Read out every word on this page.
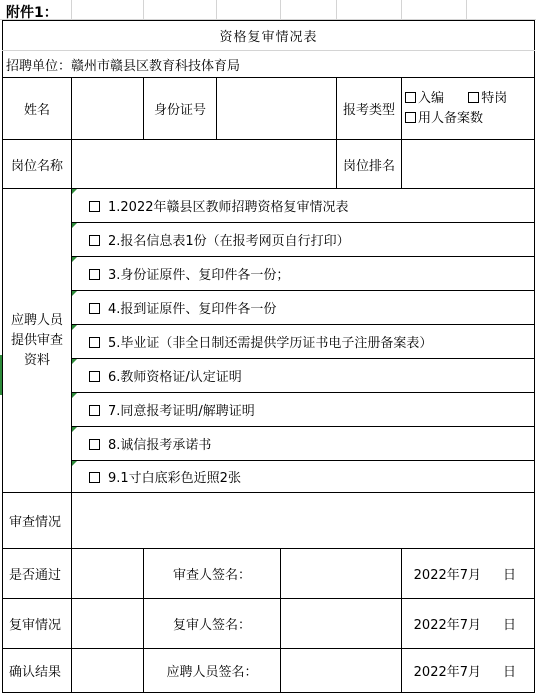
附件1：
资格复审情况表						
招聘单位：赣州市赣县区教育科技体育局						
姓名		身份证号			报考类型	入编 特岗
用人备案数

岗位名称					岗位排名	

应聘人员
提供审查
资料	1.2022年赣县区教师招聘资格复审情况表					

2.报名信息表1份（在报考网页自行打印）					

3.身份证原件、复印件各一份；					

4.报到证原件、复印件各一份					

5.毕业证（非全日制还需提供学历证书电子注册备案表）					

6.教师资格证/认定证明					

7.同意报考证明/解聘证明					

8.诚信报考承诺书					

9.1寸白底彩色近照2张					
审查情况						
是否通过		审查人签名：				2022年7月 日
复审情况		复审人签名：				2022年7月 日
确认结果		应聘人员签名：				2022年7月 日
